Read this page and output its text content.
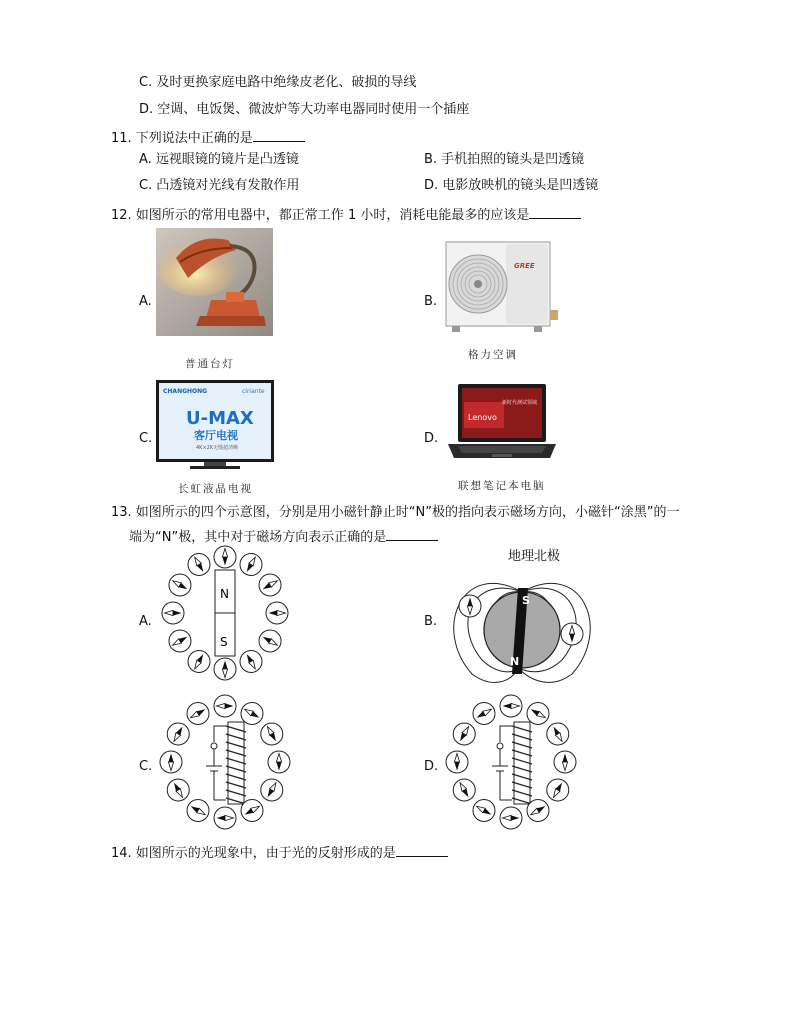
C. 及时更换家庭电路中绝缘皮老化、破损的导线
D. 空调、电饭煲、微波炉等大功率电器同时使用一个插座
11. 下列说法中正确的是
A. 远视眼镜的镜片是凸透镜	B. 手机拍照的镜头是凹透镜
C. 凸透镜对光线有发散作用	D. 电影放映机的镜头是凹透镜
12. 如图所示的常用电器中，都正常工作 1 小时，消耗电能最多的应该是
A.
普通台灯
B.
GREE
格力空调
C.
CHANGHONG	ciriante
U-MAX
客厅电视
4K×2K无缝超清晰
长虹液晶电视
D.
Lenovo
新时代测试领域
联想笔记本电脑
13. 如图所示的四个示意图，分别是用小磁针静止时“N”极的指向表示磁场方向，小磁针“涂黑”的一
端为“N”极，其中对于磁场方向表示正确的是
A.
N
S
B.
地理北极
S
N
C.	D.
14. 如图所示的光现象中，由于光的反射形成的是
